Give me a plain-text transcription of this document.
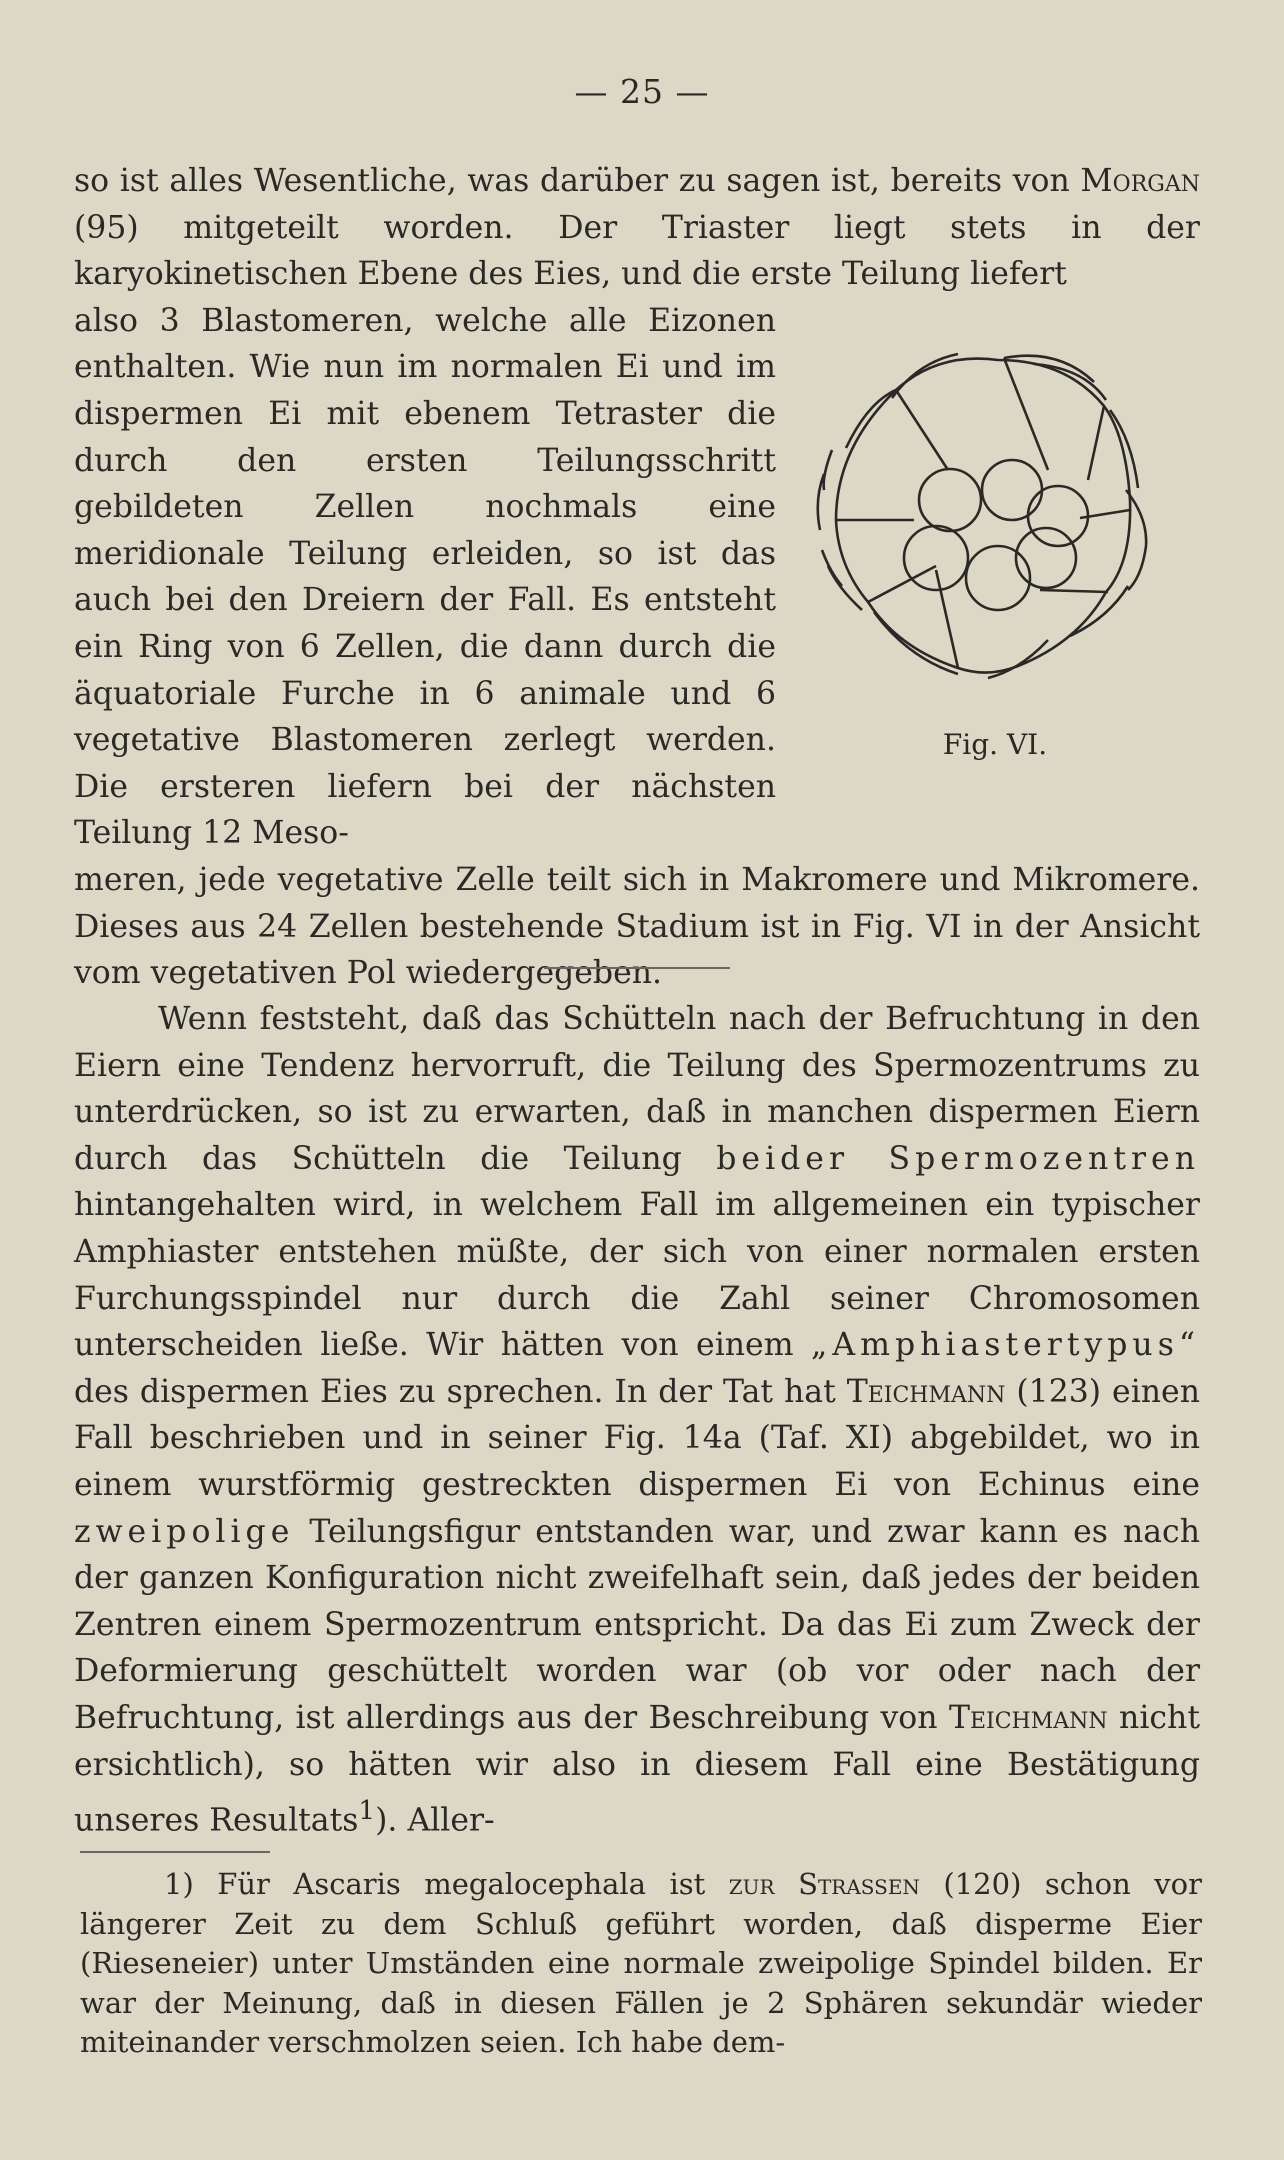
— 25 —

so ist alles Wesentliche, was darüber zu sagen ist, bereits von Morgan (95) mitgeteilt worden. Der Triaster liegt stets in der karyokinetischen Ebene des Eies, und die erste Teilung liefert
also 3 Blastomeren, welche alle Eizonen enthalten. Wie nun im normalen Ei und im dispermen Ei mit ebenem Tetraster die durch den ersten Teilungsschritt gebildeten Zellen nochmals eine meridionale Teilung erleiden, so ist das auch bei den Dreiern der Fall. Es entsteht ein Ring von 6 Zellen, die dann durch die äquatoriale Furche in 6 animale und 6 vegetative Blastomeren zerlegt werden. Die ersteren liefern bei der nächsten Teilung 12 Meso-
meren, jede vegetative Zelle teilt sich in Makromere und Mikromere. Dieses aus 24 Zellen bestehende Stadium ist in Fig. VI in der Ansicht vom vegetativen Pol wiedergegeben.

Fig. VI.

Wenn feststeht, daß das Schütteln nach der Befruchtung in den Eiern eine Tendenz hervorruft, die Teilung des Spermozentrums zu unterdrücken, so ist zu erwarten, daß in manchen dispermen Eiern durch das Schütteln die Teilung beider Spermozentren hintangehalten wird, in welchem Fall im allgemeinen ein typischer Amphiaster entstehen müßte, der sich von einer normalen ersten Furchungsspindel nur durch die Zahl seiner Chromosomen unterscheiden ließe. Wir hätten von einem „Amphiastertypus“ des dispermen Eies zu sprechen. In der Tat hat Teichmann (123) einen Fall beschrieben und in seiner Fig. 14a (Taf. XI) abgebildet, wo in einem wurstförmig gestreckten dispermen Ei von Echinus eine zweipolige Teilungsfigur entstanden war, und zwar kann es nach der ganzen Konfiguration nicht zweifelhaft sein, daß jedes der beiden Zentren einem Spermozentrum entspricht. Da das Ei zum Zweck der Deformierung geschüttelt worden war (ob vor oder nach der Befruchtung, ist allerdings aus der Beschreibung von Teichmann nicht ersichtlich), so hätten wir also in diesem Fall eine Bestätigung unseres Resultats$^1$). Aller-

1) Für Ascaris megalocephala ist zur Strassen (120) schon vor längerer Zeit zu dem Schluß geführt worden, daß disperme Eier (Rieseneier) unter Umständen eine normale zweipolige Spindel bilden. Er war der Meinung, daß in diesen Fällen je 2 Sphären sekundär wieder miteinander verschmolzen seien. Ich habe dem-
